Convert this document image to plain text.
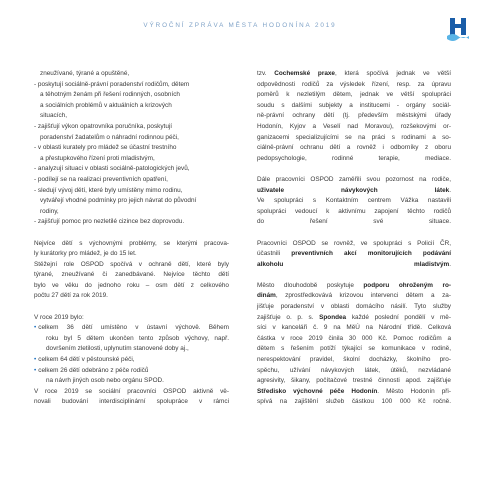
VÝROČNÍ ZPRÁVA MĚSTA HODONÍNA 2019
zneužívané, týrané a opuštěné,
- poskytují sociálně-právní poradenství rodičům, dětem
a těhotným ženám při řešení rodinných, osobních
a sociálních problémů v aktuálních a krizových
situacích,
- zajišťují výkon opatrovníka poručníka, poskytují
poradenství žadatelům o náhradní rodinnou péči,
- v oblasti kurately pro mládež se účastní trestního
a přestupkového řízení proti mladistvým,
- analyzují situaci v oblasti sociálně-patologických jevů,
- podílejí se na realizaci preventivních opatření,
- sledují vývoj dětí, které byly umístěny mimo rodinu,
vytvářejí vhodné podmínky pro jejich návrat do původní
rodiny,
- zajišťují pomoc pro nezletilé cizince bez doprovodu.
Nejvíce dětí s výchovnými problémy, se kterými pracova-
ly kurátorky pro mládež, je do 15 let.
Stěžejní role OSPOD spočívá v ochraně dětí, které byly
týrané, zneužívané či zanedbávané. Nejvíce těchto dětí
bylo ve věku do jednoho roku – osm dětí z celkového
počtu 27 dětí za rok 2019.
V roce 2019 bylo:
• celkem 36 dětí umístěno v ústavní výchově. Během
roku byl 5 dětem ukončen tento způsob výchovy, např.
dovršením zletilosti, uplynutím stanovené doby aj.,
• celkem 64 dětí v pěstounské péči,
• celkem 26 dětí odebráno z péče rodičů
na návrh jiných osob nebo orgánu SPOD.
V roce 2019 se sociální pracovníci OSPOD aktivně vě-
novali budování interdisciplinární spolupráce v rámci
tzv. Cochemské praxe, která spočívá jednak ve větší
odpovědnosti rodičů za výsledek řízení, resp. za úpravu
poměrů k nezletilým dětem, jednak ve větší spolupráci
soudu s dalšími subjekty a institucemi - orgány sociál-
ně-právní ochrany dětí (tj. především městskými úřady
Hodonín, Kyjov a Veselí nad Moravou), rozšekovými or-
ganizacemi specializujícími se na práci s rodinami a so-
ciálně-právní ochranu dětí a rovněž i odborníky z oboru
pedopsychologie, rodinné terapie, mediace.
Dále pracovníci OSPOD zaměřili svou pozornost na rodiče,
uživatele návykových látek.
Ve spolupráci s Kontaktním centrem Vážka nastavili
spolupráci vedoucí k aktivnímu zapojení těchto rodičů
do řešení své situace.
Pracovníci OSPOD se rovněž, ve spolupráci s Policií ČR,
účastnili preventivních akcí monitorujících podávání
alkoholu mladistvým.
Město dlouhodobě poskytuje podporu ohroženým ro-
dinám, zprostředkovává krizovou intervenci dětem a za-
jišťuje poradenství v oblasti domácího násilí. Tyto služby
zajišťuje o. p. s. Spondea každé poslední pondělí v mě-
síci v kanceláři č. 9 na MěÚ na Národní třídě. Celková
částka v roce 2019 činila 30 000 Kč. Pomoc rodičům a
dětem s řešením potíží týkající se komunikace v rodině,
nerespektování pravidel, školní docházky, školního pro-
spěchu, užívání návykových látek, útěků, nezvládané
agresivity, šikany, počítačové trestné činnosti apod. zajišťuje
Středisko výchovné péče Hodonín. Město Hodonín při-
spívá na zajištění služeb částkou 100 000 Kč ročně.
